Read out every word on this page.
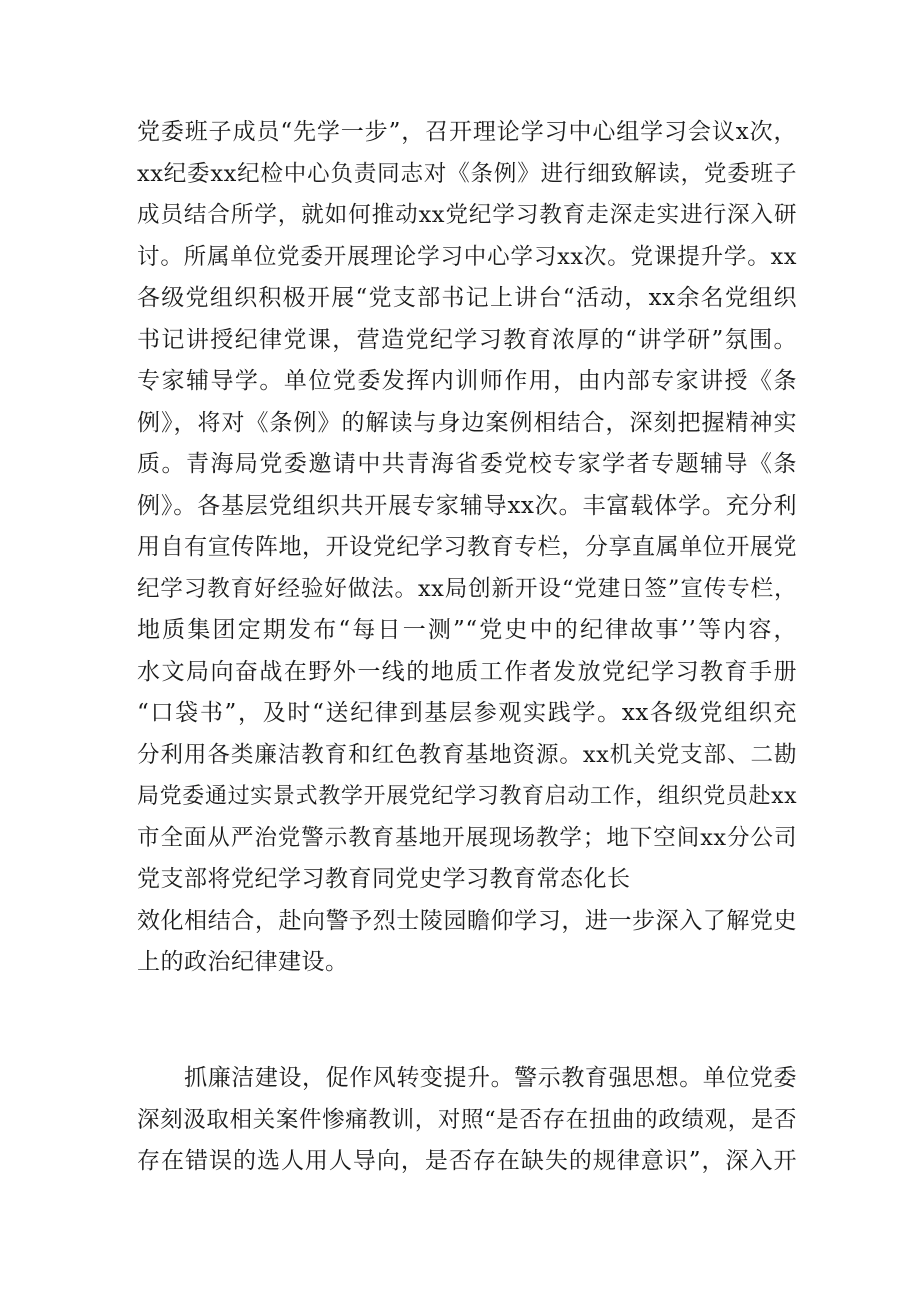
党委班子成员“先学一步”，召开理论学习中心组学习会议x次，
xx纪委xx纪检中心负责同志对《条例》进行细致解读，党委班子
成员结合所学，就如何推动xx党纪学习教育走深走实进行深入研
讨。所属单位党委开展理论学习中心学习xx次。党课提升学。xx
各级党组织积极开展“党支部书记上讲台“活动，xx余名党组织
书记讲授纪律党课，营造党纪学习教育浓厚的“讲学研”氛围。
专家辅导学。单位党委发挥内训师作用，由内部专家讲授《条
例》，将对《条例》的解读与身边案例相结合，深刻把握精神实
质。青海局党委邀请中共青海省委党校专家学者专题辅导《条
例》。各基层党组织共开展专家辅导xx次。丰富载体学。充分利
用自有宣传阵地，开设党纪学习教育专栏，分享直属单位开展党
纪学习教育好经验好做法。xx局创新开设“党建日签”宣传专栏，
地质集团定期发布“每日一测”“党史中的纪律故事’’等内容，
水文局向奋战在野外一线的地质工作者发放党纪学习教育手册
“口袋书”，及时“送纪律到基层参观实践学。xx各级党组织充
分利用各类廉洁教育和红色教育基地资源。xx机关党支部、二勘
局党委通过实景式教学开展党纪学习教育启动工作，组织党员赴xx
市全面从严治党警示教育基地开展现场教学；地下空间xx分公司
党支部将党纪学习教育同党史学习教育常态化长
效化相结合，赴向警予烈士陵园瞻仰学习，进一步深入了解党史
上的政治纪律建设。
　　抓廉洁建设，促作风转变提升。警示教育强思想。单位党委
深刻汲取相关案件惨痛教训，对照“是否存在扭曲的政绩观，是否
存在错误的选人用人导向，是否存在缺失的规律意识”，深入开
